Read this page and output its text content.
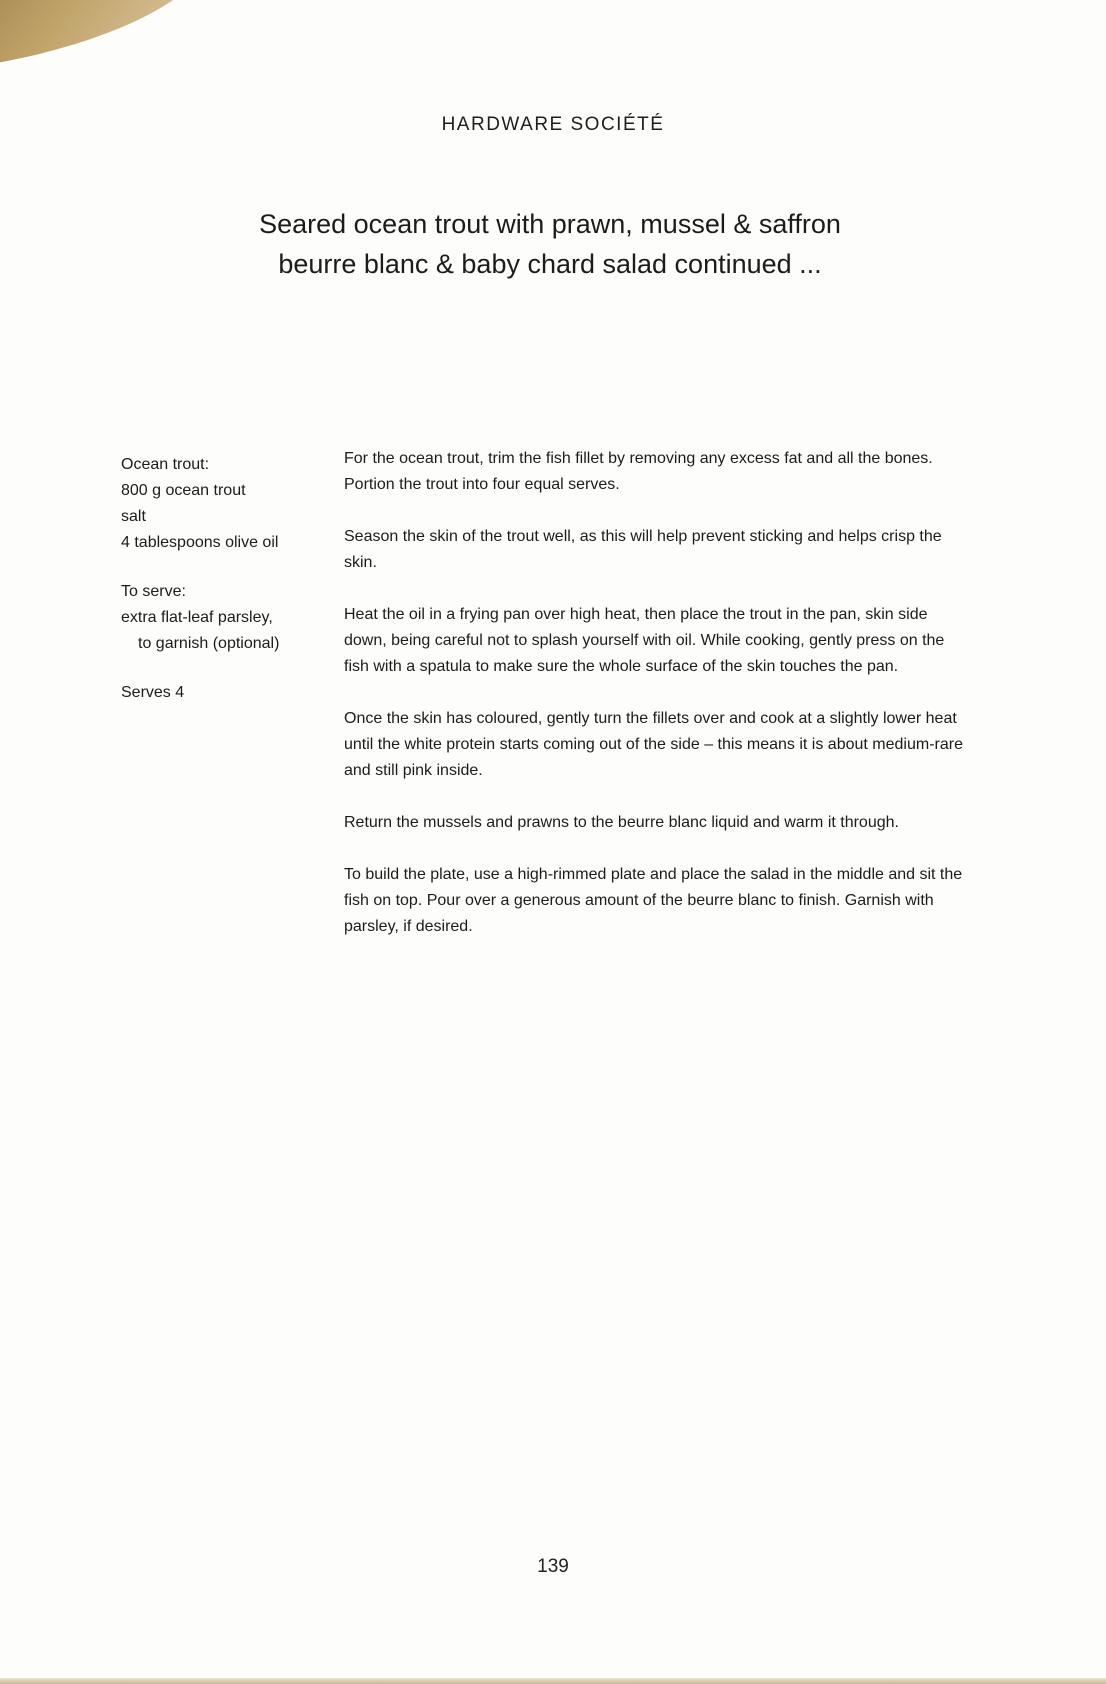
HARDWARE SOCIÉTÉ
Seared ocean trout with prawn, mussel & saffron
beurre blanc & baby chard salad continued ...
Ocean trout:
800 g ocean trout
salt
4 tablespoons olive oil
To serve:
extra flat-leaf parsley,
to garnish (optional)
Serves 4

For the ocean trout, trim the fish fillet by removing any excess fat and all the bones. Portion the trout into four equal serves.

Season the skin of the trout well, as this will help prevent sticking and helps crisp the skin.

Heat the oil in a frying pan over high heat, then place the trout in the pan, skin side down, being careful not to splash yourself with oil. While cooking, gently press on the fish with a spatula to make sure the whole surface of the skin touches the pan.

Once the skin has coloured, gently turn the fillets over and cook at a slightly lower heat until the white protein starts coming out of the side – this means it is about medium-rare and still pink inside.

Return the mussels and prawns to the beurre blanc liquid and warm it through.

To build the plate, use a high-rimmed plate and place the salad in the middle and sit the fish on top. Pour over a generous amount of the beurre blanc to finish. Garnish with parsley, if desired.

139
